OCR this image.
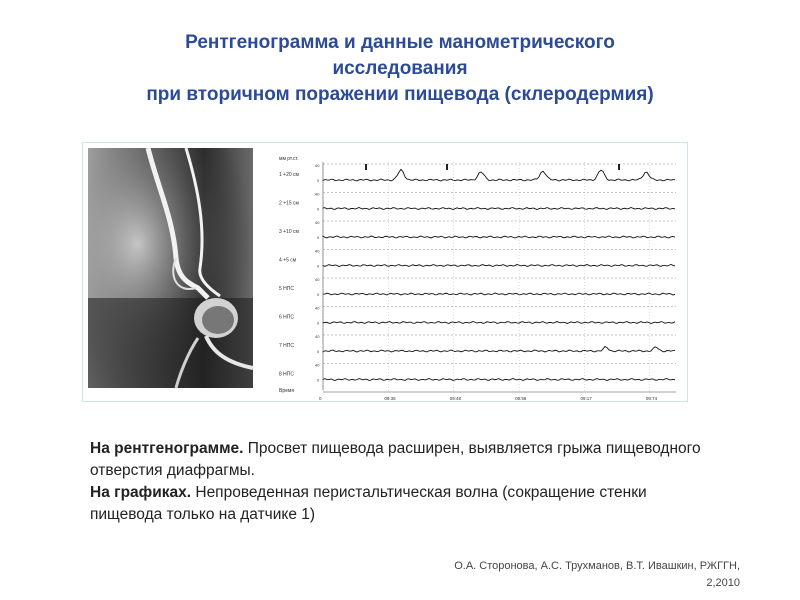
Рентгенограмма и данные манометрического
исследования
при вторичном поражении пищевода (склеродермия)
мм рт.ст.
Время
1 +20 см
40
0
2 +15 см
40
0
3 +10 см
40
0
4 +5 см
40
0
5 НПС
40
0
6 НПС
40
0
7 НПС
40
0
8 НПС
40
0
0	09:36	09:48	09:58	09:17	09:74

На рентгенограмме. Просвет пищевода расширен, выявляется грыжа пищеводного отверстия диафрагмы.

На графиках. Непроведенная перистальтическая волна (сокращение стенки пищевода только на датчике 1)

О.А. Сторонова, А.С. Трухманов, В.Т. Ивашкин, РЖГГН,
2,2010
